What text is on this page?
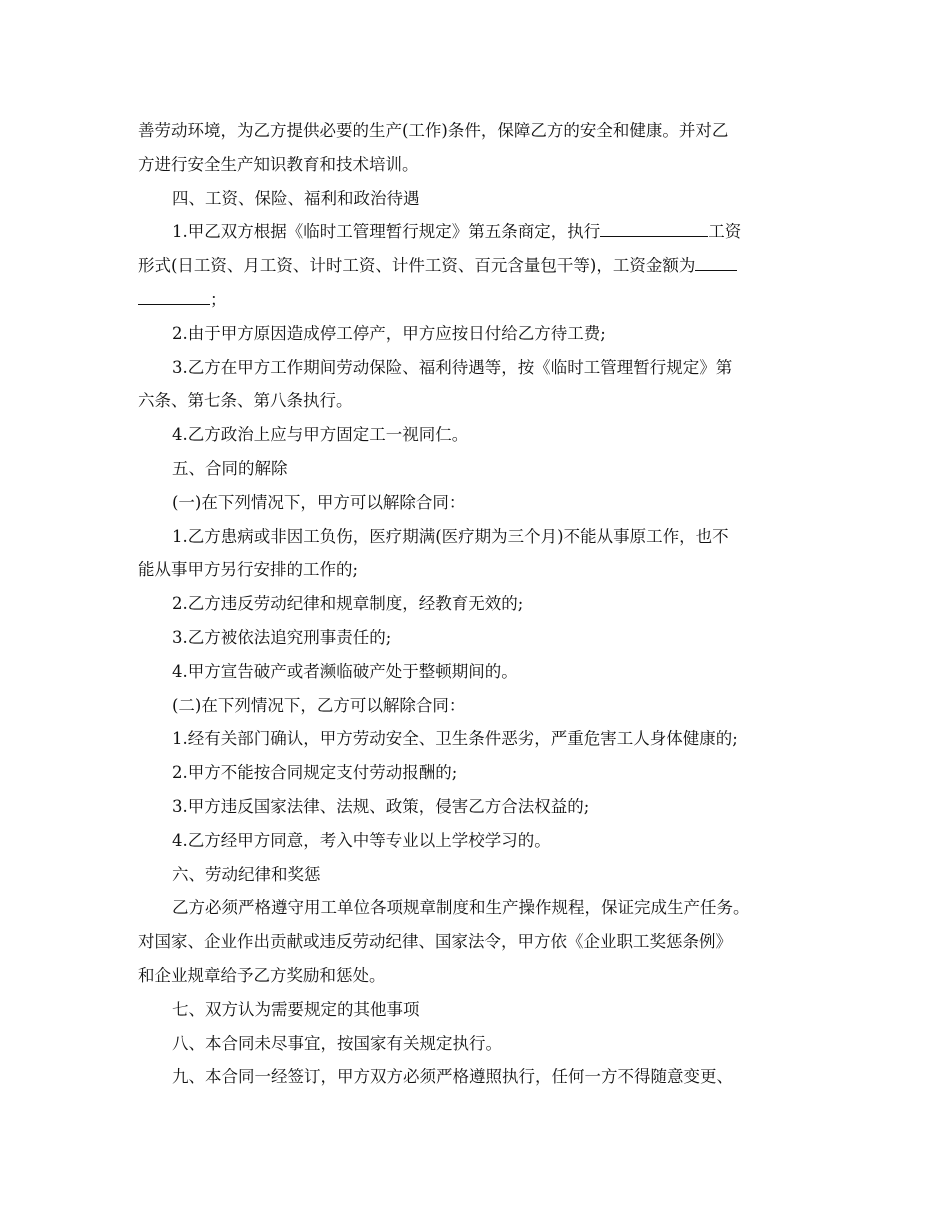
善劳动环境，为乙方提供必要的生产(工作)条件，保障乙方的安全和健康。并对乙

方进行安全生产知识教育和技术培训。

四、工资、保险、福利和政治待遇

1.甲乙双方根据《临时工管理暂行规定》第五条商定，执行	工资

形式(日工资、月工资、计时工资、计件工资、百元含量包干等)，工资金额为

；

2.由于甲方原因造成停工停产，甲方应按日付给乙方待工费;

3.乙方在甲方工作期间劳动保险、福利待遇等，按《临时工管理暂行规定》第

六条、第七条、第八条执行。

4.乙方政治上应与甲方固定工一视同仁。

五、合同的解除

(一)在下列情况下，甲方可以解除合同：

1.乙方患病或非因工负伤，医疗期满(医疗期为三个月)不能从事原工作，也不

能从事甲方另行安排的工作的;

2.乙方违反劳动纪律和规章制度，经教育无效的;

3.乙方被依法追究刑事责任的;

4.甲方宣告破产或者濒临破产处于整顿期间的。

(二)在下列情况下，乙方可以解除合同：

1.经有关部门确认，甲方劳动安全、卫生条件恶劣，严重危害工人身体健康的;

2.甲方不能按合同规定支付劳动报酬的;

3.甲方违反国家法律、法规、政策，侵害乙方合法权益的;

4.乙方经甲方同意，考入中等专业以上学校学习的。

六、劳动纪律和奖惩

乙方必须严格遵守用工单位各项规章制度和生产操作规程，保证完成生产任务。

对国家、企业作出贡献或违反劳动纪律、国家法令，甲方依《企业职工奖惩条例》

和企业规章给予乙方奖励和惩处。

七、双方认为需要规定的其他事项

八、本合同未尽事宜，按国家有关规定执行。

九、本合同一经签订，甲方双方必须严格遵照执行，任何一方不得随意变更、
